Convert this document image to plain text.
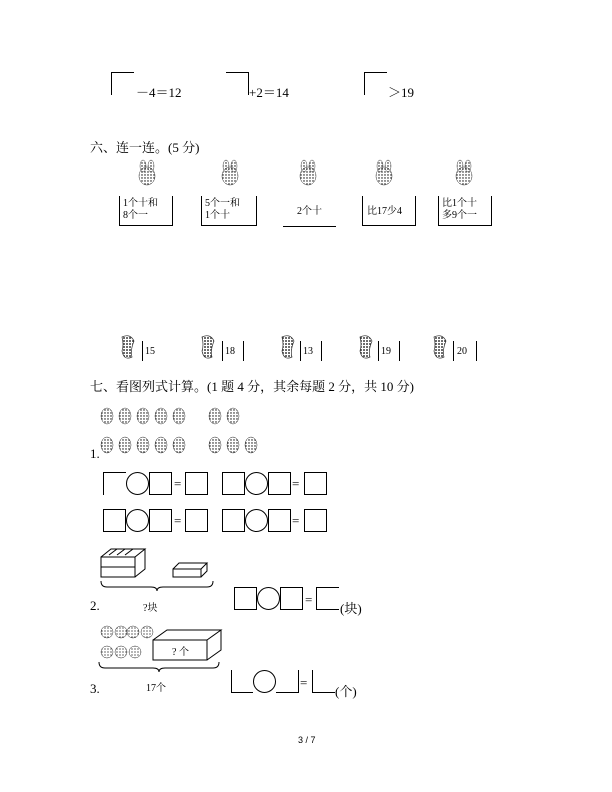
－4＝12	+2＝14	＞19
六、连一连。(5 分)
1个十和
8个一
5个一和
1个十	2个十	比17少4
比1个十
多9个一
15	18	13	19	20
七、看图列式计算。(1 题 4 分，其余每题 2 分，共 10 分)
1.
=	=
=	=
2.	?块
=
(块)
? 个
3.	17个	=
(个)
3 / 7
